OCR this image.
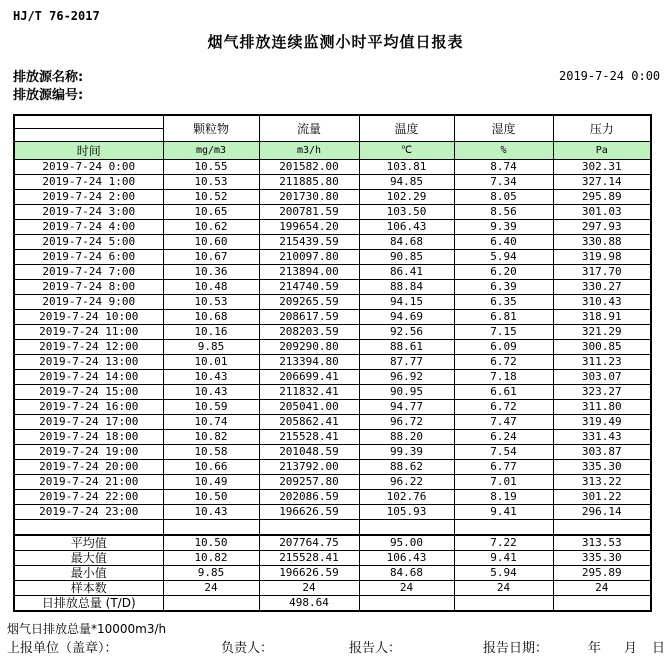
HJ/T 76-2017
烟气排放连续监测小时平均值日报表
排放源名称:
排放源编号:
2019-7-24 0:00
	颗粒物	流量	温度	湿度	压力

时间	mg/m3	m3/h	℃	%	Pa
2019-7-24 0:00	10.55	201582.00	103.81	8.74	302.31
2019-7-24 1:00	10.53	211885.80	94.85	7.34	327.14
2019-7-24 2:00	10.52	201730.80	102.29	8.05	295.89
2019-7-24 3:00	10.65	200781.59	103.50	8.56	301.03
2019-7-24 4:00	10.62	199654.20	106.43	9.39	297.93
2019-7-24 5:00	10.60	215439.59	84.68	6.40	330.88
2019-7-24 6:00	10.67	210097.80	90.85	5.94	319.98
2019-7-24 7:00	10.36	213894.00	86.41	6.20	317.70
2019-7-24 8:00	10.48	214740.59	88.84	6.39	330.27
2019-7-24 9:00	10.53	209265.59	94.15	6.35	310.43
2019-7-24 10:00	10.68	208617.59	94.69	6.81	318.91
2019-7-24 11:00	10.16	208203.59	92.56	7.15	321.29
2019-7-24 12:00	9.85	209290.80	88.61	6.09	300.85
2019-7-24 13:00	10.01	213394.80	87.77	6.72	311.23
2019-7-24 14:00	10.43	206699.41	96.92	7.18	303.07
2019-7-24 15:00	10.43	211832.41	90.95	6.61	323.27
2019-7-24 16:00	10.59	205041.00	94.77	6.72	311.80
2019-7-24 17:00	10.74	205862.41	96.72	7.47	319.49
2019-7-24 18:00	10.82	215528.41	88.20	6.24	331.43
2019-7-24 19:00	10.58	201048.59	99.39	7.54	303.87
2019-7-24 20:00	10.66	213792.00	88.62	6.77	335.30
2019-7-24 21:00	10.49	209257.80	96.22	7.01	313.22
2019-7-24 22:00	10.50	202086.59	102.76	8.19	301.22
2019-7-24 23:00	10.43	196626.59	105.93	9.41	296.14

平均值	10.50	207764.75	95.00	7.22	313.53
最大值	10.82	215528.41	106.43	9.41	335.30
最小值	9.85	196626.59	84.68	5.94	295.89
样本数	24	24	24	24	24
日排放总量 (T/D)		498.64			
烟气日排放总量*10000m3/h
上报单位（盖章）：	负责人：	报告人：	报告日期：	年 月 日
